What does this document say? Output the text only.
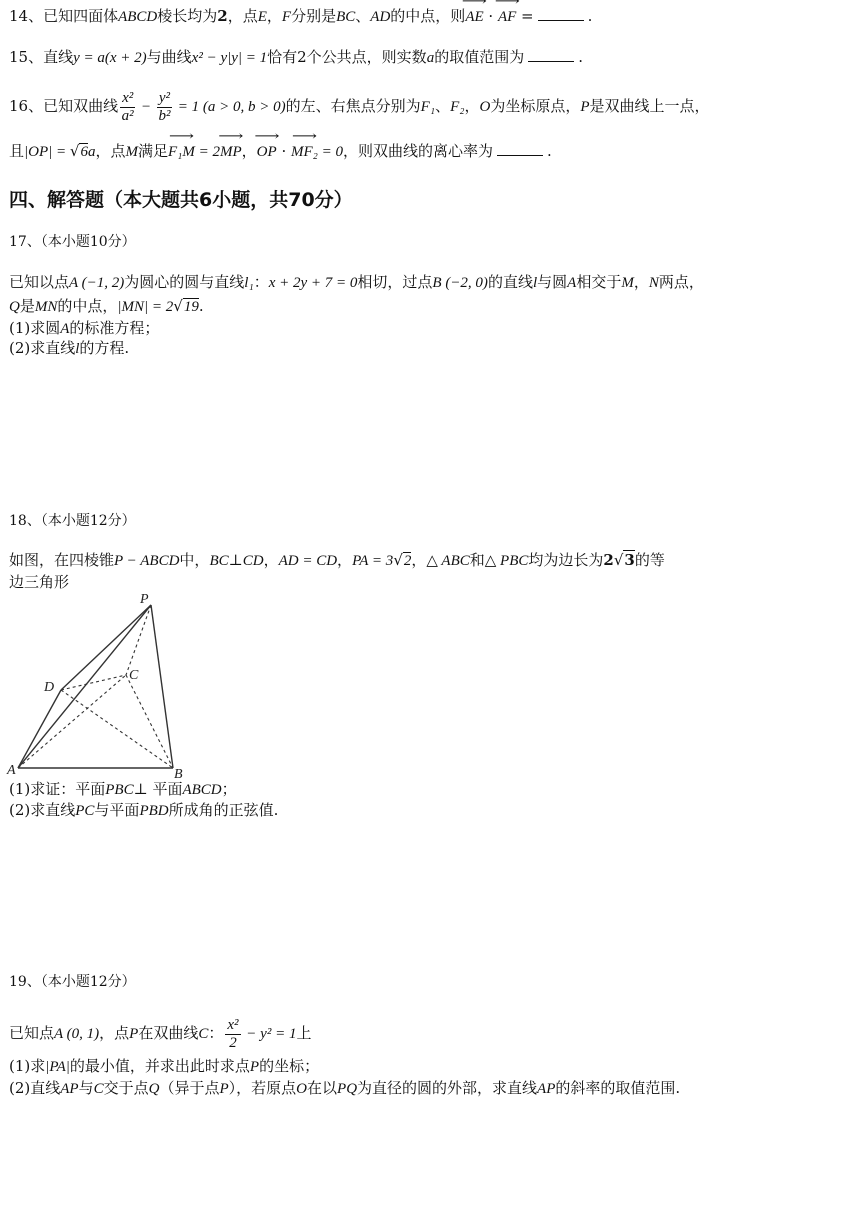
14、已知四面体ABCD棱长均为2，点E，F分别是BC、AD的中点，则⟶ AE · ⟶ AF =	.
15、直线y = a(x + 2)与曲线x² − y|y| = 1恰有2个公共点，则实数a的取值范围为	.
16、已知双曲线 $\frac{\text{x²}}{\text{a²}} - \frac{\text{y²}}{\text{b²}} = 1$ (a > 0, b > 0)的左、右焦点分别为F₁、F₂，O为坐标原点，P是双曲线上一点，
且|OP| = √6a，点M满足⟶ F₁M = 2⟶ MP，⟶ OP · ⟶ MF₂ = 0，则双曲线的离心率为	.
四、解答题（本大题共6小题，共70分）
17、（本小题10分）
已知以点A (−1, 2)为圆心的圆与直线l₁：x + 2y + 7 = 0相切，过点B (−2, 0)的直线l与圆A相交于M，N两点，
Q是MN的中点，|MN| = 2√19.
(1)求圆A的标准方程；
(2)求直线l的方程.
18、（本小题12分）
如图，在四棱锥P − ABCD中，BC⊥CD，AD = CD，PA = 3√2，△ ABC和△ PBC均为边长为2√3的等
边三角形
P
C
D
A	B
(1)求证：平面PBC⊥ 平面ABCD；
(2)求直线PC与平面PBD所成角的正弦值.
19、（本小题12分）
已知点A (0, 1)，点P在双曲线C： $\frac{\text{x²}}{2} - y^2 = 1$上
(1)求|PA|的最小值，并求出此时求点P的坐标；
(2)直线AP与C交于点Q（异于点P），若原点O在以PQ为直径的圆的外部，求直线AP的斜率的取值范围.
